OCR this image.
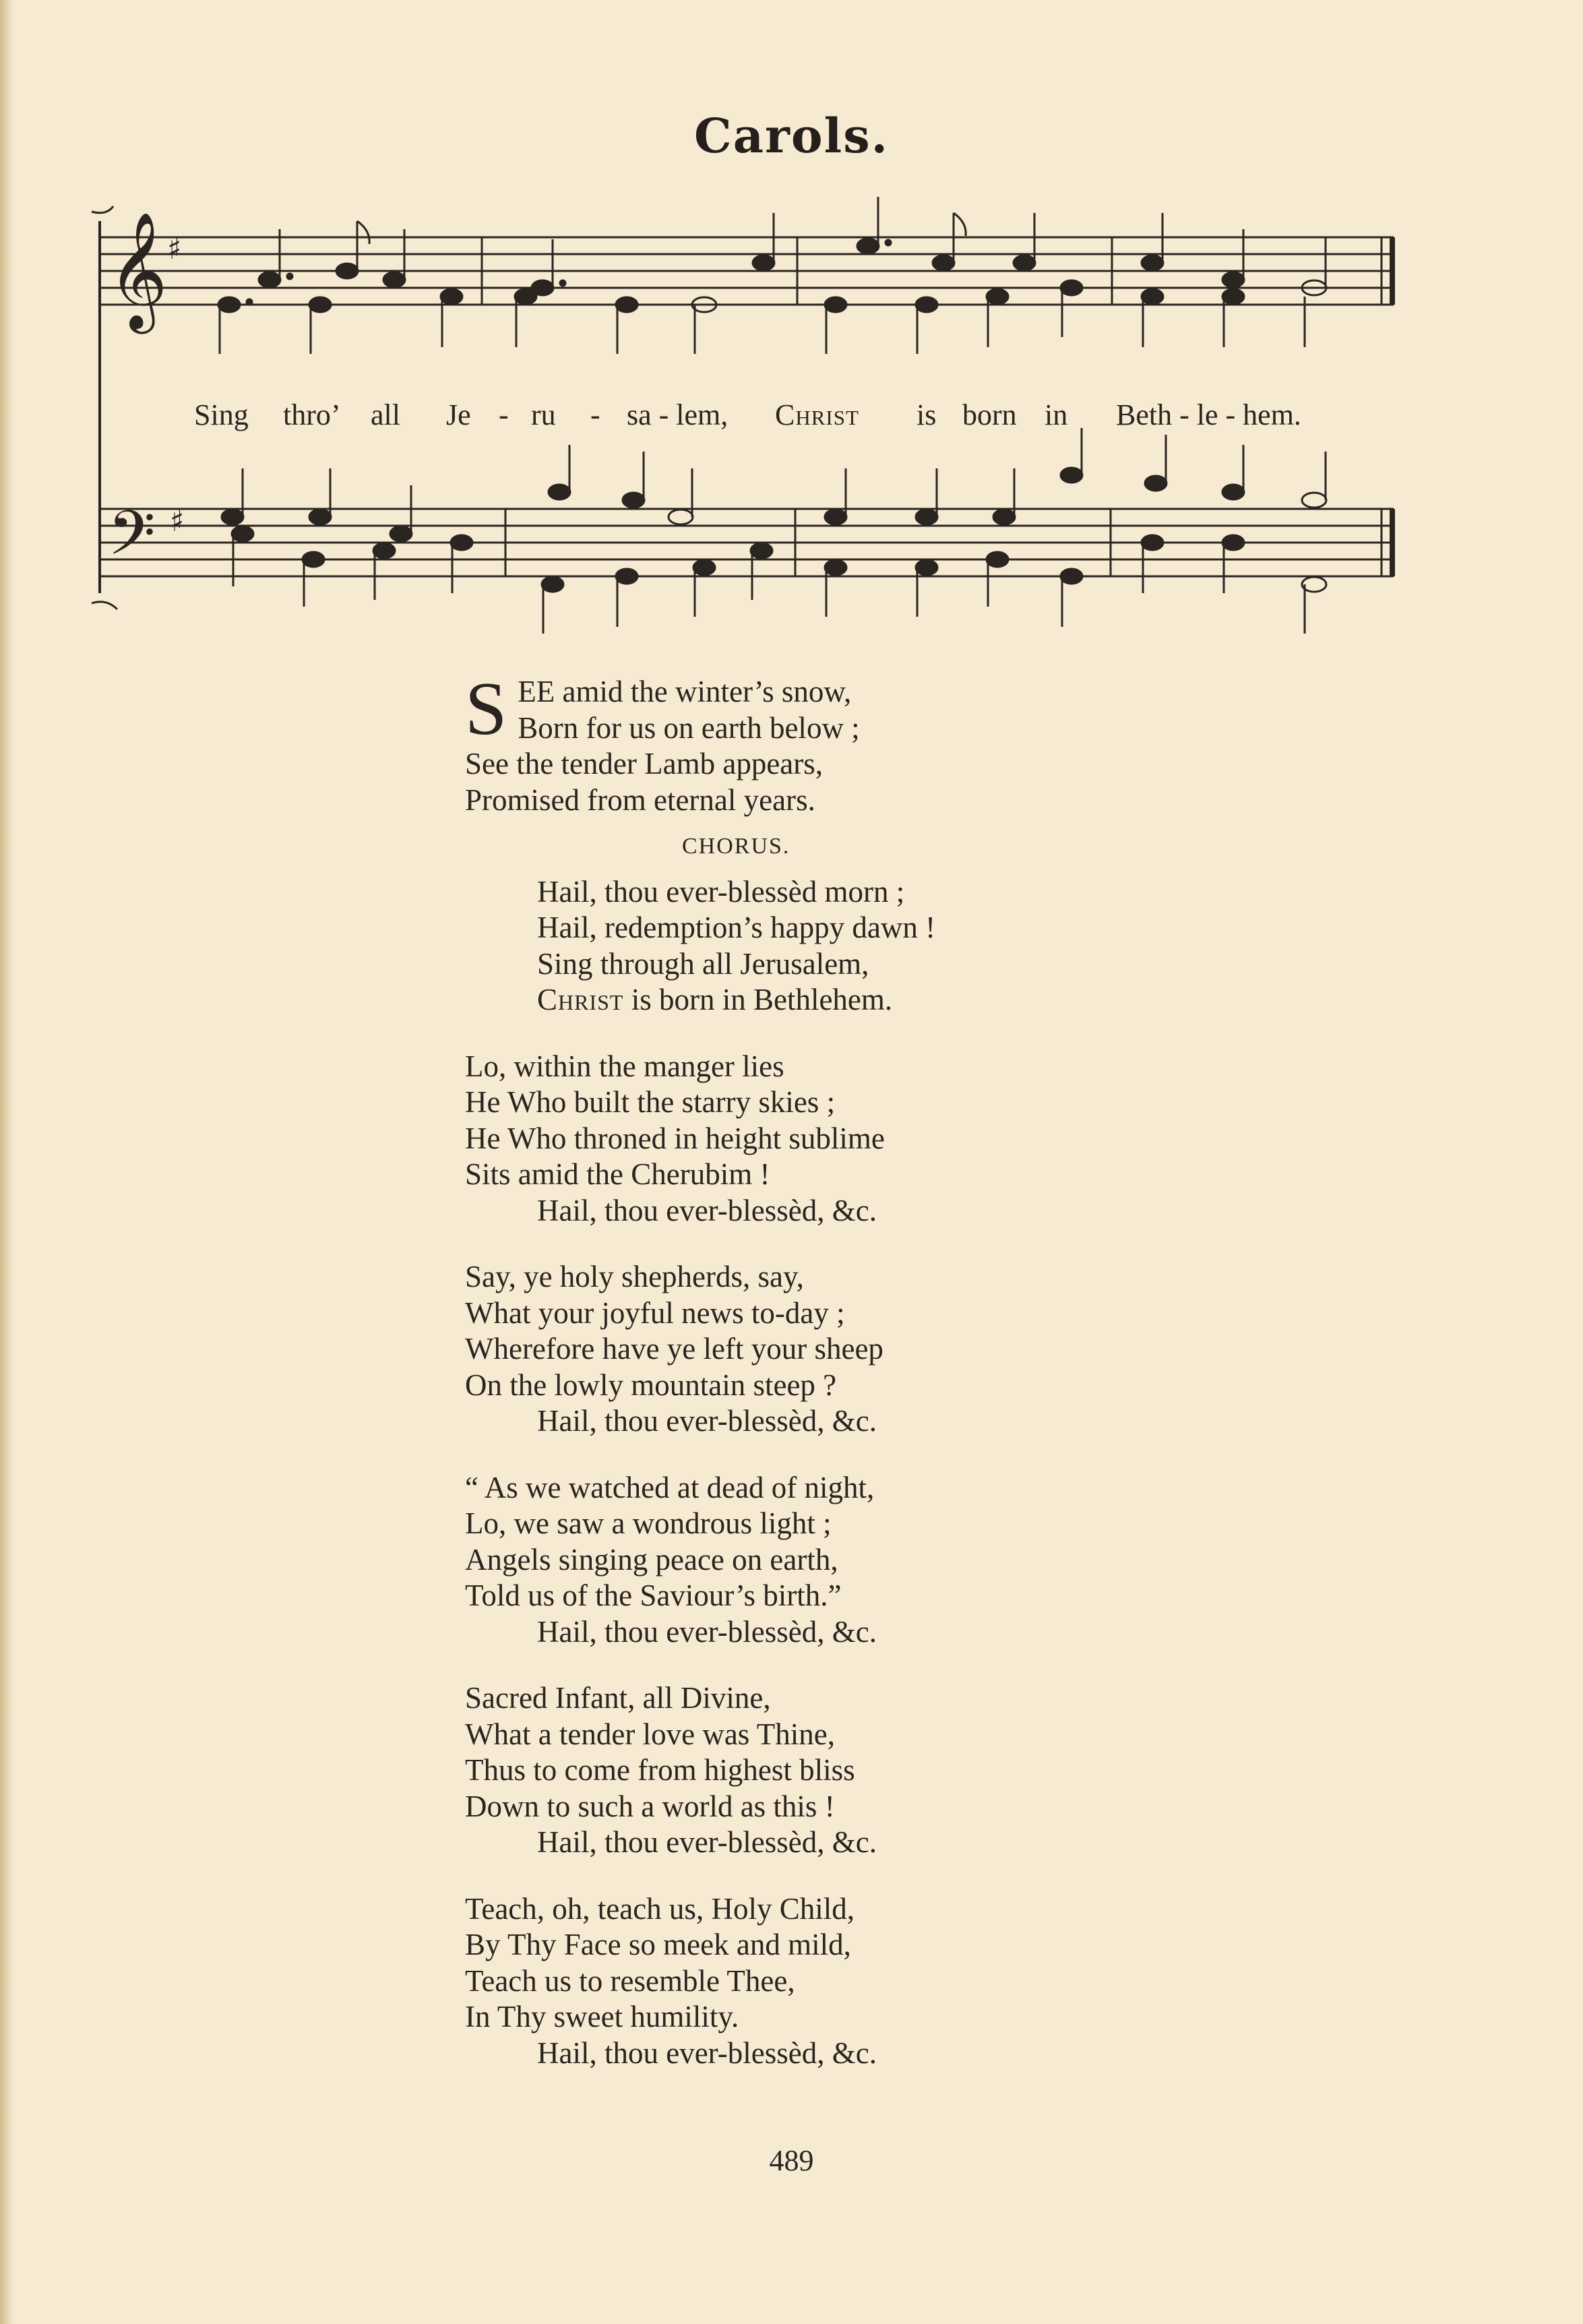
Carols.
𝄞
𝄢
♯
♯
Sing thro’ all Je - ru - sa - lem, Christ is born in Beth - le - hem.
S EE amid the winter’s snow,
Born for us on earth below ;
See the tender Lamb appears,
Promised from eternal years.
CHORUS.
Hail, thou ever-blessèd morn ;
Hail, redemption’s happy dawn !
Sing through all Jerusalem,
Christ is born in Bethlehem.
Lo, within the manger lies
He Who built the starry skies ;
He Who throned in height sublime
Sits amid the Cherubim !
Hail, thou ever-blessèd, &c.
Say, ye holy shepherds, say,
What your joyful news to-day ;
Wherefore have ye left your sheep
On the lowly mountain steep ?
Hail, thou ever-blessèd, &c.
“ As we watched at dead of night,
Lo, we saw a wondrous light ;
Angels singing peace on earth,
Told us of the Saviour’s birth.”
Hail, thou ever-blessèd, &c.
Sacred Infant, all Divine,
What a tender love was Thine,
Thus to come from highest bliss
Down to such a world as this !
Hail, thou ever-blessèd, &c.
Teach, oh, teach us, Holy Child,
By Thy Face so meek and mild,
Teach us to resemble Thee,
In Thy sweet humility.
Hail, thou ever-blessèd, &c.
489
